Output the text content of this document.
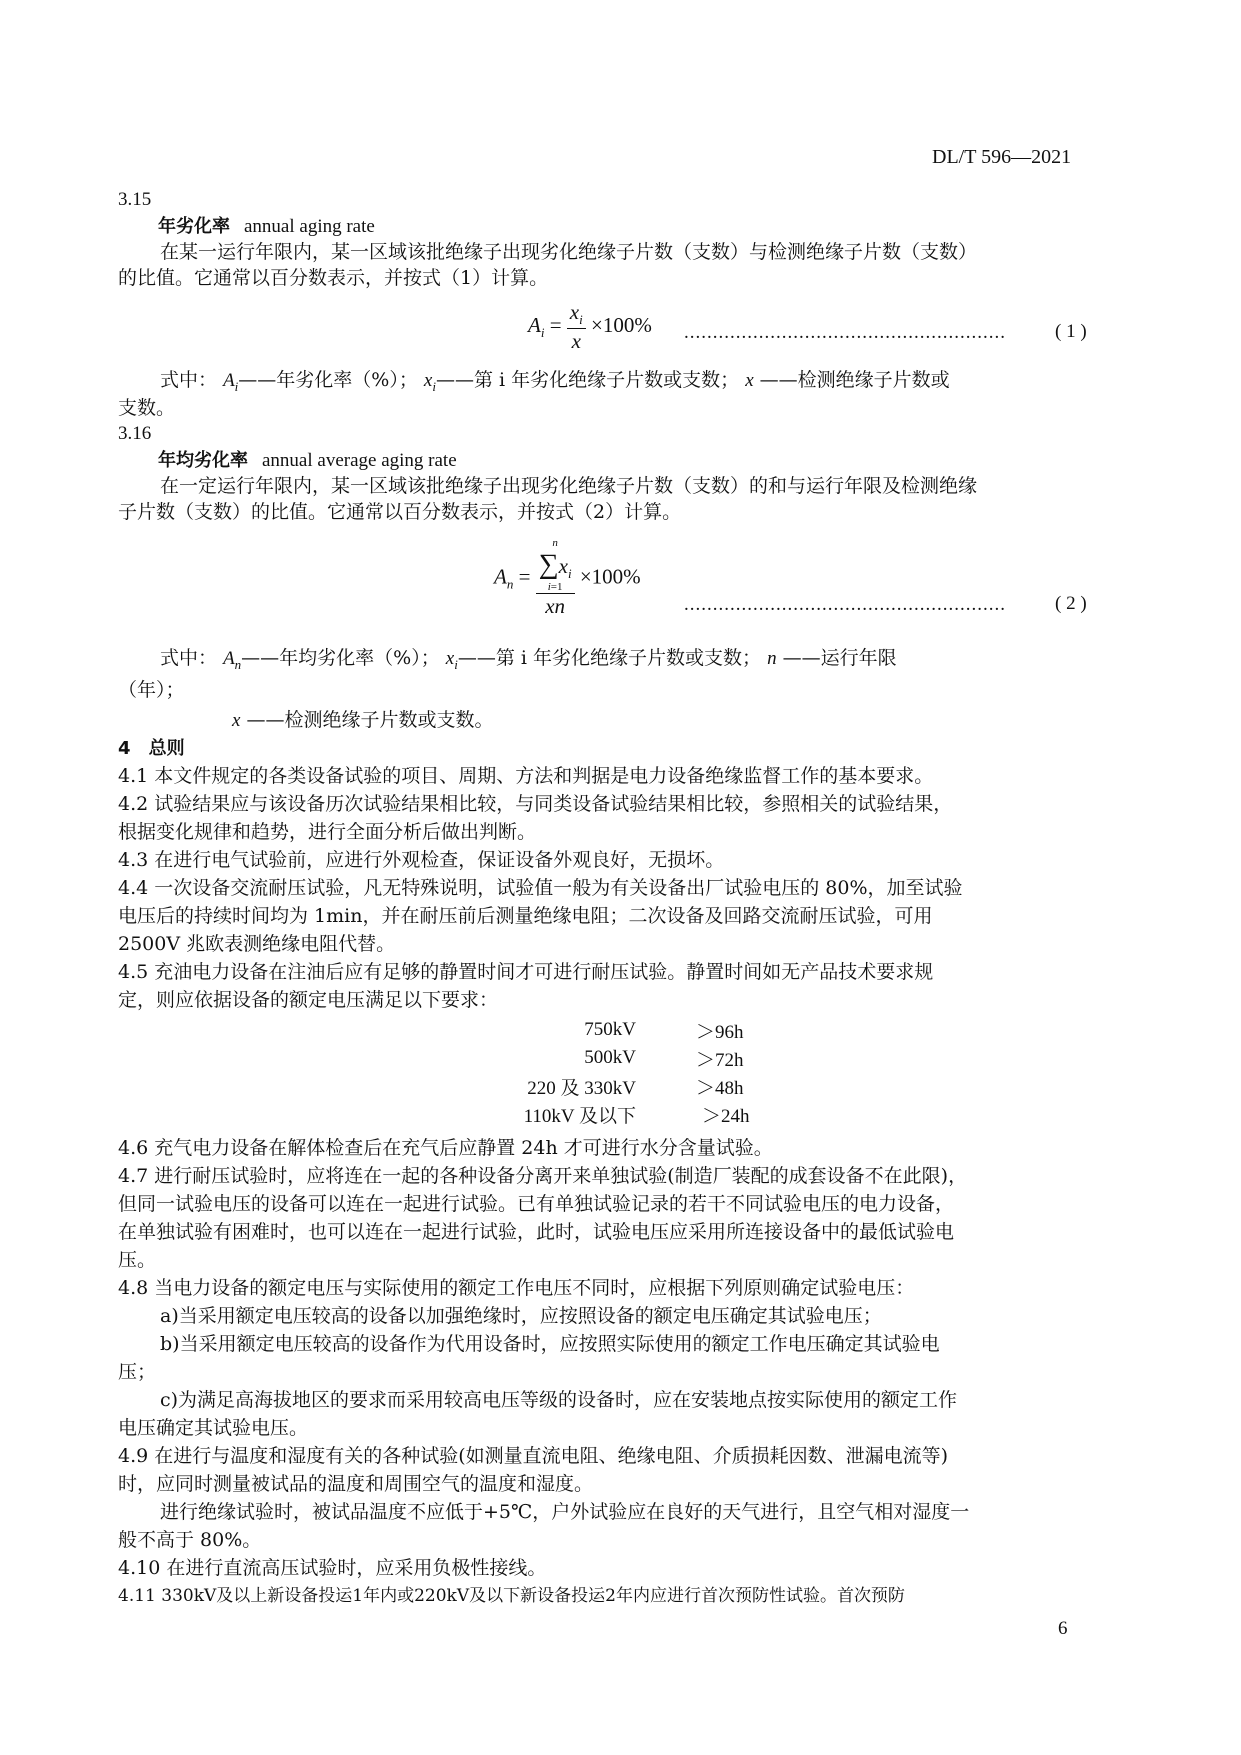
DL/T 596—2021
3.15
年劣化率 annual aging rate
在某一运行年限内，某一区域该批绝缘子出现劣化绝缘子片数（支数）与检测绝缘子片数（支数）
的比值。它通常以百分数表示，并按式（1）计算。
$A_i = \frac{x_i}{x} \times 100\%$ ........................................................	( 1 )
式中： $A_i——$年劣化率（%）； $x_i——$第 i 年劣化绝缘子片数或支数； x ——检测绝缘子片数或
支数。
3.16
年均劣化率 annual average aging rate
在一定运行年限内，某一区域该批绝缘子出现劣化绝缘子片数（支数）的和与运行年限及检测绝缘
子片数（支数）的比值。它通常以百分数表示，并按式（2）计算。
$A_n = n$
$\sum x_i$
i=1
xn ×100%
........................................................	( 2 )
式中： $A_n——$年均劣化率（%）； $x_i——$第 i 年劣化绝缘子片数或支数； n ——运行年限
（年）；
x ——检测绝缘子片数或支数。
4 总则
4.1 本文件规定的各类设备试验的项目、周期、方法和判据是电力设备绝缘监督工作的基本要求。
4.2 试验结果应与该设备历次试验结果相比较，与同类设备试验结果相比较，参照相关的试验结果，
根据变化规律和趋势，进行全面分析后做出判断。
4.3 在进行电气试验前，应进行外观检查，保证设备外观良好，无损坏。
4.4 一次设备交流耐压试验，凡无特殊说明，试验值一般为有关设备出厂试验电压的 80%，加至试验
电压后的持续时间均为 1min，并在耐压前后测量绝缘电阻；二次设备及回路交流耐压试验，可用
2500V 兆欧表测绝缘电阻代替。
4.5 充油电力设备在注油后应有足够的静置时间才可进行耐压试验。静置时间如无产品技术要求规
定，则应依据设备的额定电压满足以下要求：
750kV	＞96h
500kV	＞72h
220 及 330kV	＞48h
110kV 及以下	＞24h
4.6 充气电力设备在解体检查后在充气后应静置 24h 才可进行水分含量试验。
4.7 进行耐压试验时，应将连在一起的各种设备分离开来单独试验(制造厂装配的成套设备不在此限)，
但同一试验电压的设备可以连在一起进行试验。已有单独试验记录的若干不同试验电压的电力设备，
在单独试验有困难时，也可以连在一起进行试验，此时，试验电压应采用所连接设备中的最低试验电
压。
4.8 当电力设备的额定电压与实际使用的额定工作电压不同时，应根据下列原则确定试验电压：
a)当采用额定电压较高的设备以加强绝缘时，应按照设备的额定电压确定其试验电压；
b)当采用额定电压较高的设备作为代用设备时，应按照实际使用的额定工作电压确定其试验电
压；
c)为满足高海拔地区的要求而采用较高电压等级的设备时，应在安装地点按实际使用的额定工作
电压确定其试验电压。
4.9 在进行与温度和湿度有关的各种试验(如测量直流电阻、绝缘电阻、介质损耗因数、泄漏电流等)
时，应同时测量被试品的温度和周围空气的温度和湿度。
进行绝缘试验时，被试品温度不应低于+5℃，户外试验应在良好的天气进行，且空气相对湿度一
般不高于 80%。
4.10 在进行直流高压试验时，应采用负极性接线。
4.11 330kV及以上新设备投运1年内或220kV及以下新设备投运2年内应进行首次预防性试验。首次预防
6
